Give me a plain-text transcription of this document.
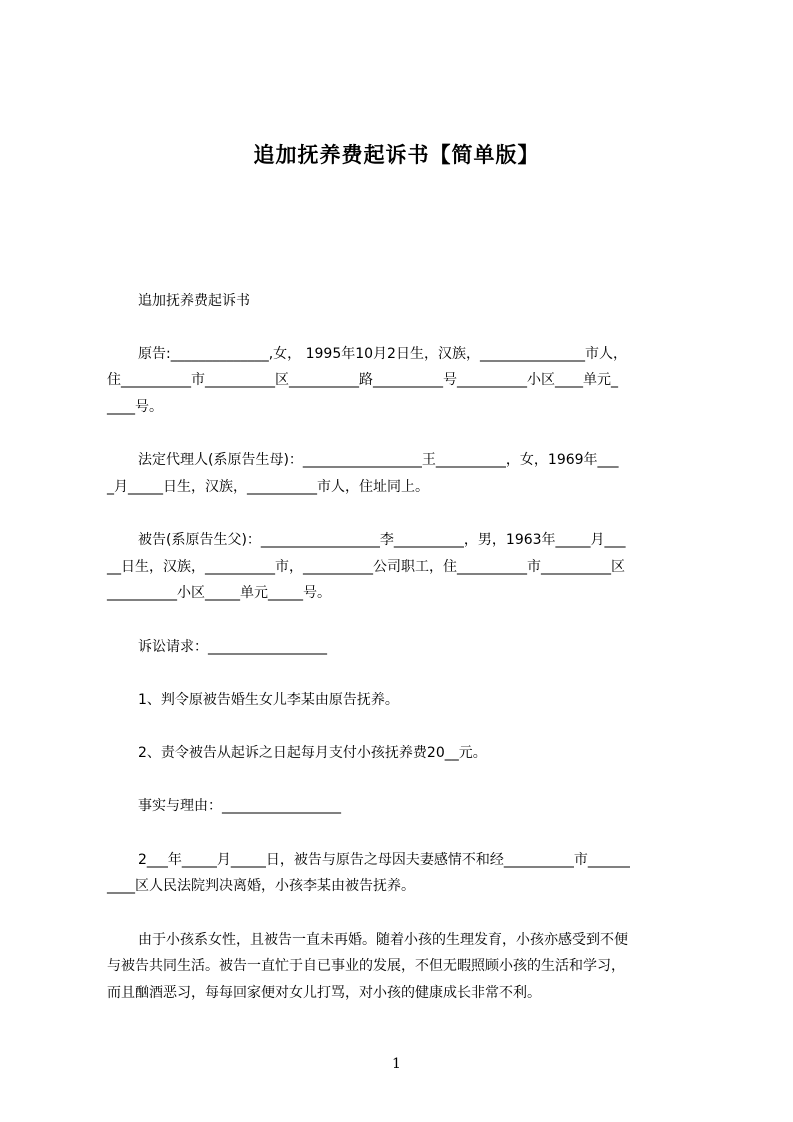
追加抚养费起诉书【简单版】
追加抚养费起诉书
原告:______________,女， 1995年10月2日生，汉族，_______________市人，
住__________市__________区__________路__________号__________小区____单元_
____号。
法定代理人(系原告生母)：_________________王__________，女，1969年___
_月_____日生，汉族，__________市人，住址同上。
被告(系原告生父)：_________________李__________，男，1963年_____月___
__日生，汉族，__________市，__________公司职工，住__________市__________区
__________小区_____单元_____号。
诉讼请求：_________________
1、判令原被告婚生女儿李某由原告抚养。
2、责令被告从起诉之日起每月支付小孩抚养费20__元。
事实与理由：_________________
2___年_____月_____日，被告与原告之母因夫妻感情不和经__________市______
____区人民法院判决离婚，小孩李某由被告抚养。
由于小孩系女性，且被告一直未再婚。随着小孩的生理发育，小孩亦感受到不便
与被告共同生活。被告一直忙于自已事业的发展，不但无暇照顾小孩的生活和学习，
而且酗酒恶习，每每回家便对女儿打骂，对小孩的健康成长非常不利。
1
